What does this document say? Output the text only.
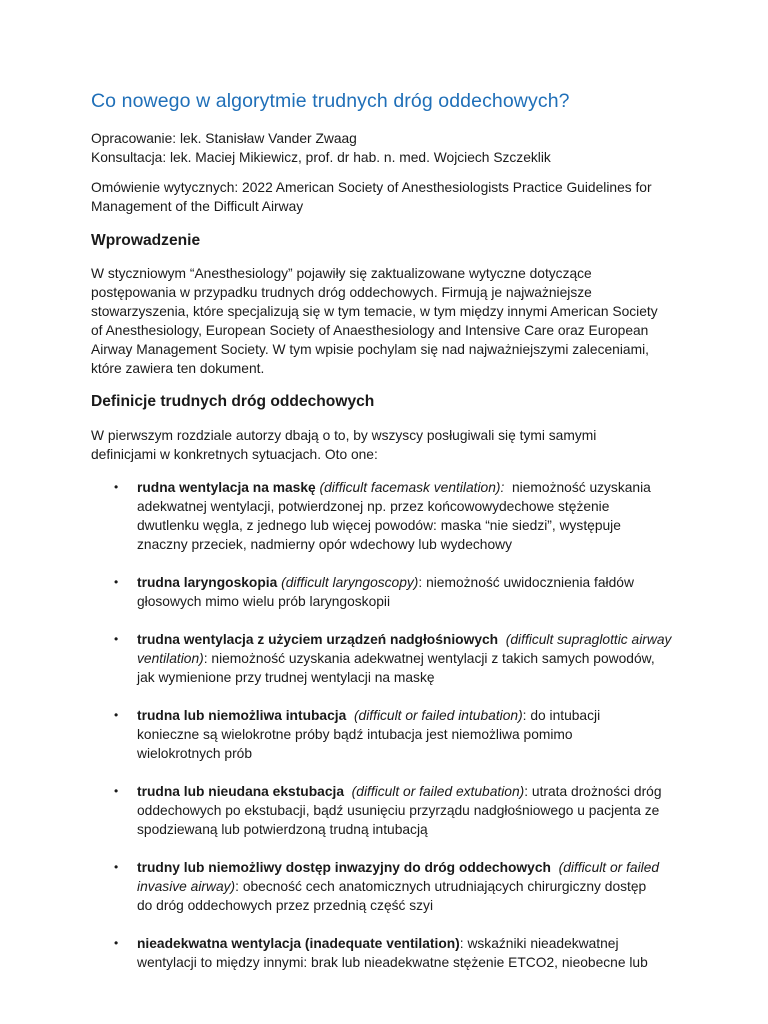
Co nowego w algorytmie trudnych dróg oddechowych?

Opracowanie: lek. Stanisław Vander Zwaag

Konsultacja: lek. Maciej Mikiewicz, prof. dr hab. n. med. Wojciech Szczeklik

Omówienie wytycznych: 2022 American Society of Anesthesiologists Practice Guidelines for

Management of the Difficult Airway

Wprowadzenie

W styczniowym “Anesthesiology” pojawiły się zaktualizowane wytyczne dotyczące

postępowania w przypadku trudnych dróg oddechowych. Firmują je najważniejsze

stowarzyszenia, które specjalizują się w tym temacie, w tym między innymi American Society

of Anesthesiology, European Society of Anaesthesiology and Intensive Care oraz European

Airway Management Society. W tym wpisie pochylam się nad najważniejszymi zaleceniami,

które zawiera ten dokument.

Definicje trudnych dróg oddechowych

W pierwszym rozdziale autorzy dbają o to, by wszyscy posługiwali się tymi samymi

definicjami w konkretnych sytuacjach. Oto one:

• rudna wentylacja na maskę (difficult facemask ventilation): niemożność uzyskania
adekwatnej wentylacji, potwierdzonej np. przez końcowowydechowe stężenie
dwutlenku węgla, z jednego lub więcej powodów: maska “nie siedzi”, występuje
znaczny przeciek, nadmierny opór wdechowy lub wydechowy
• trudna laryngoskopia (difficult laryngoscopy): niemożność uwidocznienia fałdów
głosowych mimo wielu prób laryngoskopii
• trudna wentylacja z użyciem urządzeń nadgłośniowych (difficult supraglottic airway
ventilation): niemożność uzyskania adekwatnej wentylacji z takich samych powodów,
jak wymienione przy trudnej wentylacji na maskę
• trudna lub niemożliwa intubacja (difficult or failed intubation): do intubacji
konieczne są wielokrotne próby bądź intubacja jest niemożliwa pomimo
wielokrotnych prób
• trudna lub nieudana ekstubacja (difficult or failed extubation): utrata drożności dróg
oddechowych po ekstubacji, bądź usunięciu przyrządu nadgłośniowego u pacjenta ze
spodziewaną lub potwierdzoną trudną intubacją
• trudny lub niemożliwy dostęp inwazyjny do dróg oddechowych (difficult or failed
invasive airway): obecność cech anatomicznych utrudniających chirurgiczny dostęp
do dróg oddechowych przez przednią część szyi
• nieadekwatna wentylacja (inadequate ventilation): wskaźniki nieadekwatnej
wentylacji to między innymi: brak lub nieadekwatne stężenie ETCO2, nieobecne lub
